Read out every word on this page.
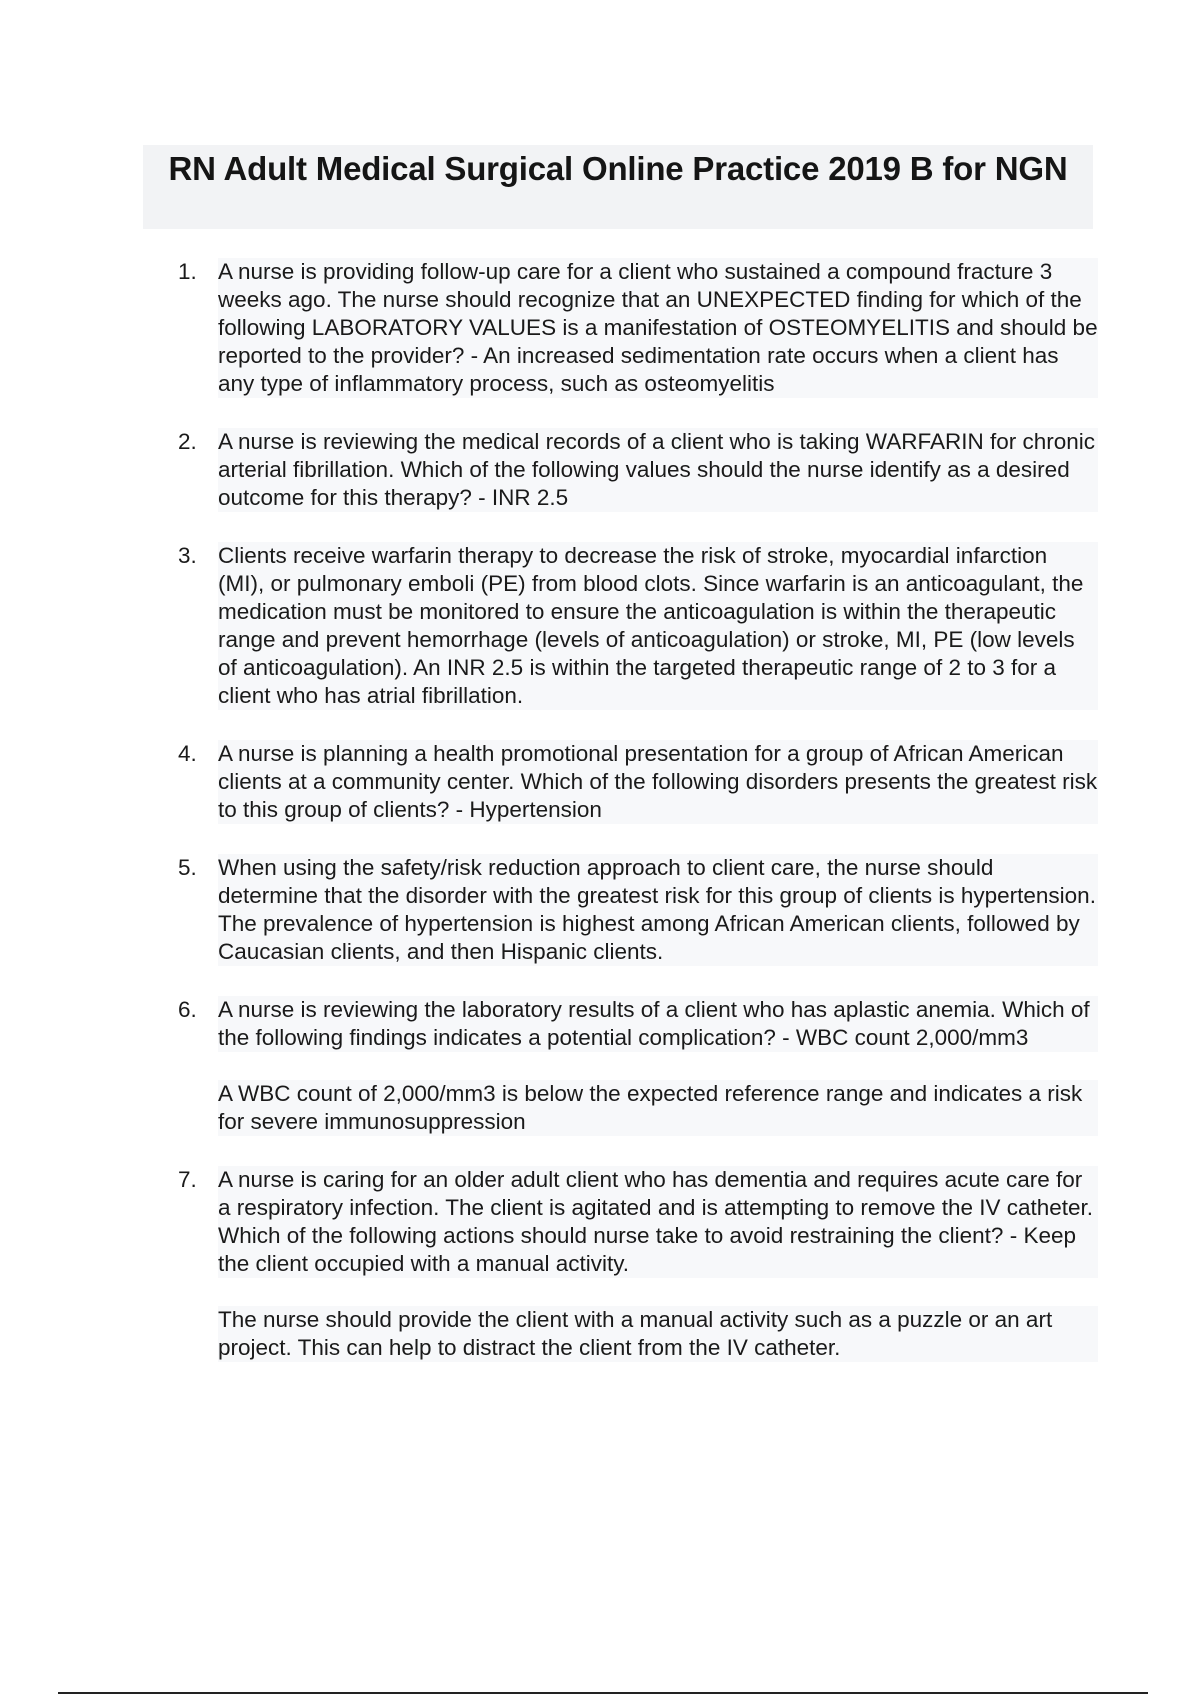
RN Adult Medical Surgical Online Practice 2019 B for NGN
1. A nurse is providing follow-up care for a client who sustained a compound fracture 3 weeks ago. The nurse should recognize that an UNEXPECTED finding for which of the following LABORATORY VALUES is a manifestation of OSTEOMYELITIS and should be reported to the provider? - An increased sedimentation rate occurs when a client has any type of inflammatory process, such as osteomyelitis
2. A nurse is reviewing the medical records of a client who is taking WARFARIN for chronic arterial fibrillation. Which of the following values should the nurse identify as a desired outcome for this therapy? - INR 2.5
3. Clients receive warfarin therapy to decrease the risk of stroke, myocardial infarction (MI), or pulmonary emboli (PE) from blood clots. Since warfarin is an anticoagulant, the medication must be monitored to ensure the anticoagulation is within the therapeutic range and prevent hemorrhage (levels of anticoagulation) or stroke, MI, PE (low levels of anticoagulation). An INR 2.5 is within the targeted therapeutic range of 2 to 3 for a client who has atrial fibrillation.
4. A nurse is planning a health promotional presentation for a group of African American clients at a community center. Which of the following disorders presents the greatest risk to this group of clients? - Hypertension
5. When using the safety/risk reduction approach to client care, the nurse should determine that the disorder with the greatest risk for this group of clients is hypertension. The prevalence of hypertension is highest among African American clients, followed by Caucasian clients, and then Hispanic clients.
6. A nurse is reviewing the laboratory results of a client who has aplastic anemia. Which of the following findings indicates a potential complication? - WBC count 2,000/mm3
A WBC count of 2,000/mm3 is below the expected reference range and indicates a risk for severe immunosuppression
7. A nurse is caring for an older adult client who has dementia and requires acute care for a respiratory infection. The client is agitated and is attempting to remove the IV catheter. Which of the following actions should nurse take to avoid restraining the client? - Keep the client occupied with a manual activity.
The nurse should provide the client with a manual activity such as a puzzle or an art project. This can help to distract the client from the IV catheter.
